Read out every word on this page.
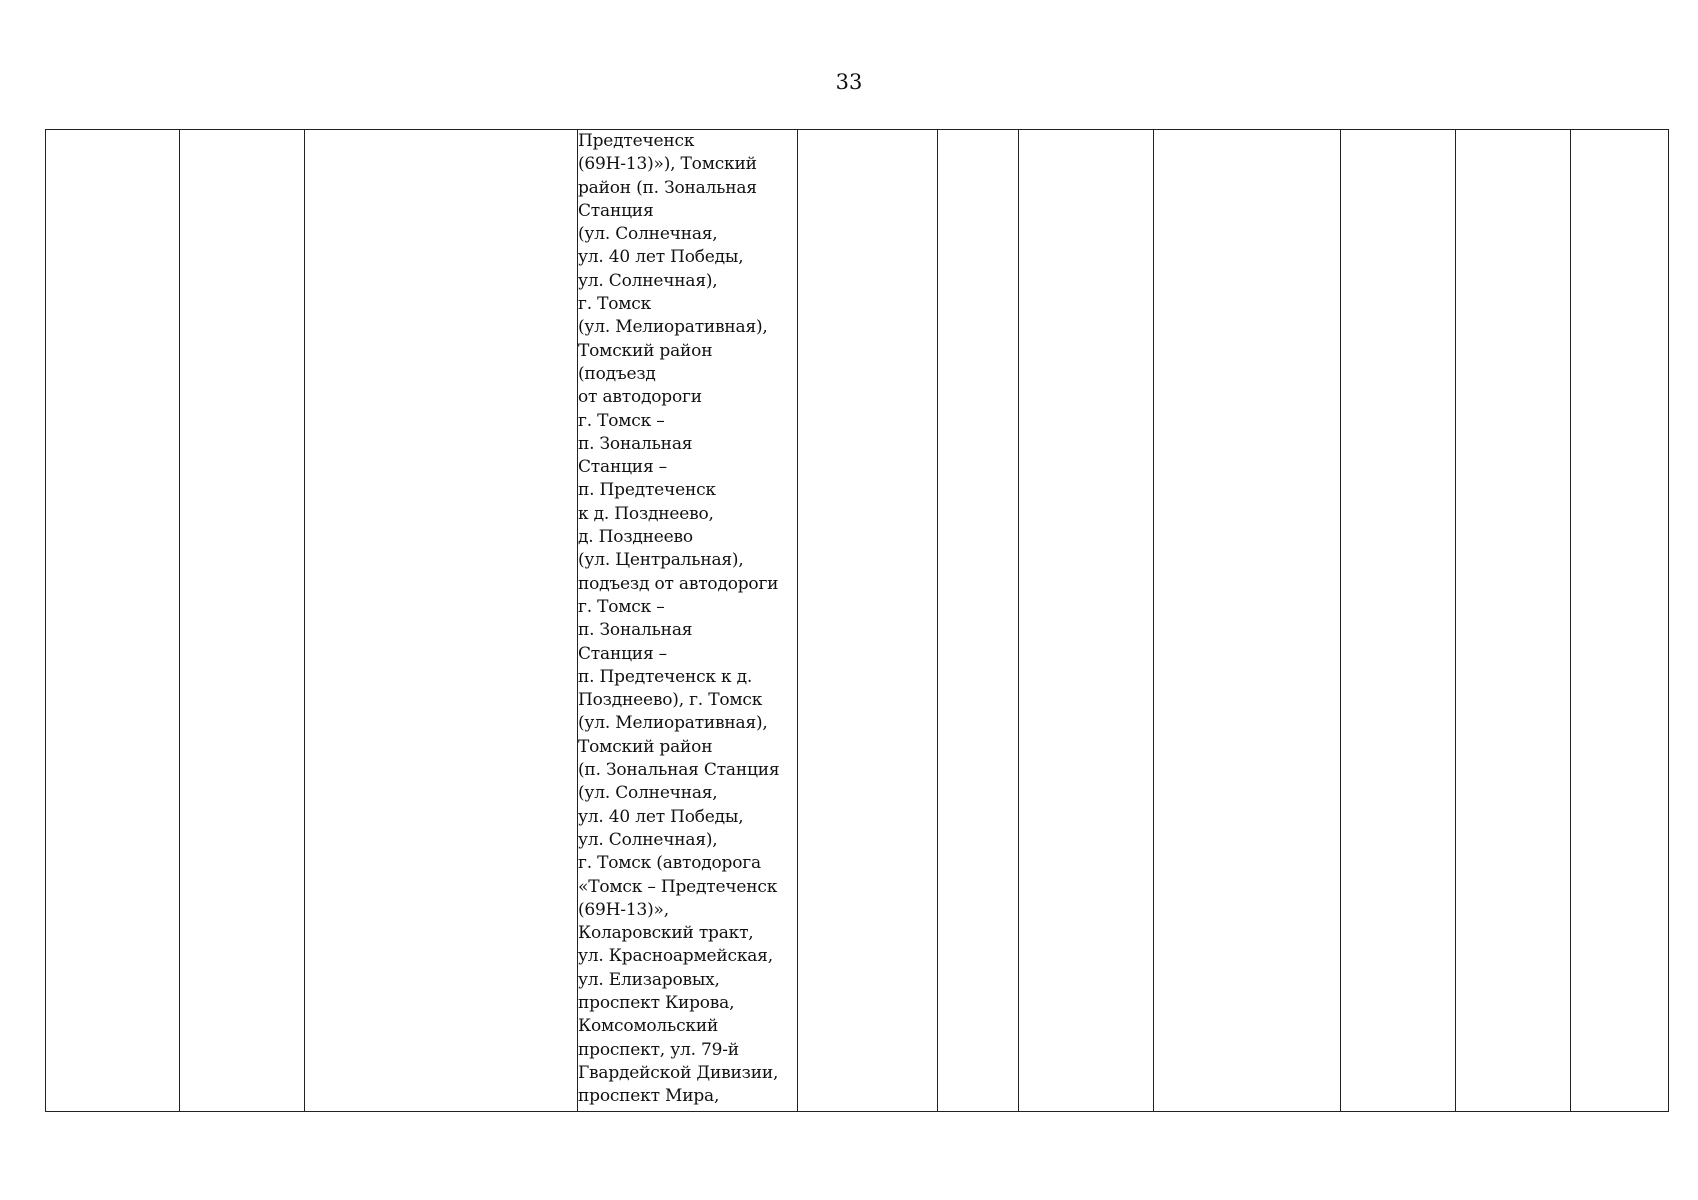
33

Предтеченск
(69Н-13)»), Томский
район (п. Зональная
Станция
(ул. Солнечная,
ул. 40 лет Победы,
ул. Солнечная),
г. Томск
(ул. Мелиоративная),
Томский район
(подъезд
от автодороги
г. Томск –
п. Зональная
Станция –
п. Предтеченск
к д. Позднеево,
д. Позднеево
(ул. Центральная),
подъезд от автодороги
г. Томск –
п. Зональная
Станция –
п. Предтеченск к д.
Позднеево), г. Томск
(ул. Мелиоративная),
Томский район
(п. Зональная Станция
(ул. Солнечная,
ул. 40 лет Победы,
ул. Солнечная),
г. Томск (автодорога
«Томск – Предтеченск
(69Н-13)»,
Коларовский тракт,
ул. Красноармейская,
ул. Елизаровых,
проспект Кирова,
Комсомольский
проспект, ул. 79-й
Гвардейской Дивизии,
проспект Мира,
